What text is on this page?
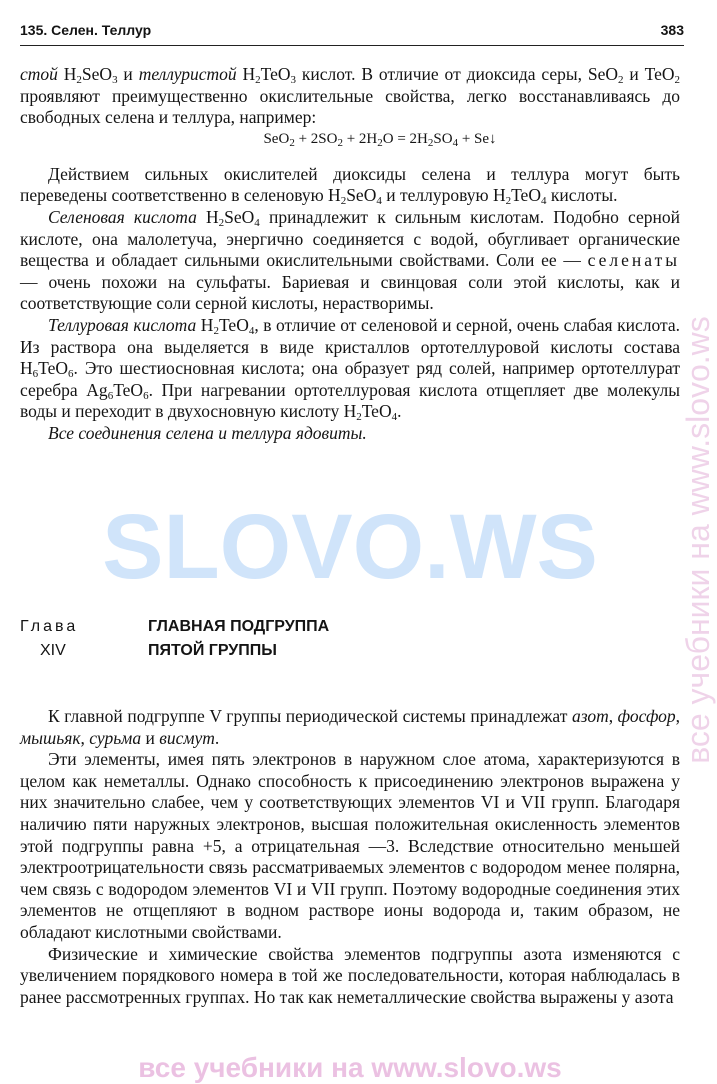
135. Селен. Теллур	383

стой $H_2SeO_3$ и теллуристой $H_2TeO_3$ кислот. В отличие от диоксида серы, SeO$_2$ и TeO$_2$ проявляют преимущественно окислительные свойства, легко восстанавливаясь до свободных селена и теллура, например:

$SeO_2 + 2SO_2 + 2H_2O = 2H_2SO_4$ + Se↓

Действием сильных окислителей диоксиды селена и теллура могут быть переведены соответственно в селеновую $H_2SeO_4$ и теллуровую $H_2TeO_4$ кислоты.

Селеновая кислота $H_2SeO_4$ принадлежит к сильным кислотам. Подобно серной кислоте, она малолетуча, энергично соединяется с водой, обугливает органические вещества и обладает сильными окислительными свойствами. Соли ее — селенаты — очень похожи на сульфаты. Бариевая и свинцовая соли этой кислоты, как и соответствующие соли серной кислоты, нерастворимы.

Теллуровая кислота $H_2TeO_4$, в отличие от селеновой и серной, очень слабая кислота. Из раствора она выделяется в виде кристаллов ортотеллуровой кислоты состава $H_6TeO_6$. Это шестиосновная кислота; она образует ряд солей, например ортотеллурат серебра $Ag_6TeO_6$. При нагревании ортотеллуровая кислота отщепляет две молекулы воды и переходит в двухосновную кислоту $H_2TeO_4$.

Все соединения селена и теллура ядовиты.

Глава
XIV
ГЛАВНАЯ ПОДГРУППА
ПЯТОЙ ГРУППЫ

К главной подгруппе V группы периодической системы принадлежат азот, фосфор, мышьяк, сурьма и висмут.

Эти элементы, имея пять электронов в наружном слое атома, характеризуются в целом как неметаллы. Однако способность к присоединению электронов выражена у них значительно слабее, чем у соответствующих элементов VI и VII групп. Благодаря наличию пяти наружных электронов, высшая положительная окисленность элементов этой подгруппы равна +5, а отрицательная —3. Вследствие относительно меньшей электроотрицательности связь рассматриваемых элементов с водородом менее полярна, чем связь с водородом элементов VI и VII групп. Поэтому водородные соединения этих элементов не отщепляют в водном растворе ионы водорода и, таким образом, не обладают кислотными свойствами.

Физические и химические свойства элементов подгруппы азота изменяются с увеличением порядкового номера в той же последовательности, которая наблюдалась в ранее рассмотренных группах. Но так как неметаллические свойства выражены у азота

SLOVO.WS	все учебники на www.slovo.ws
все учебники на www.slovo.ws
